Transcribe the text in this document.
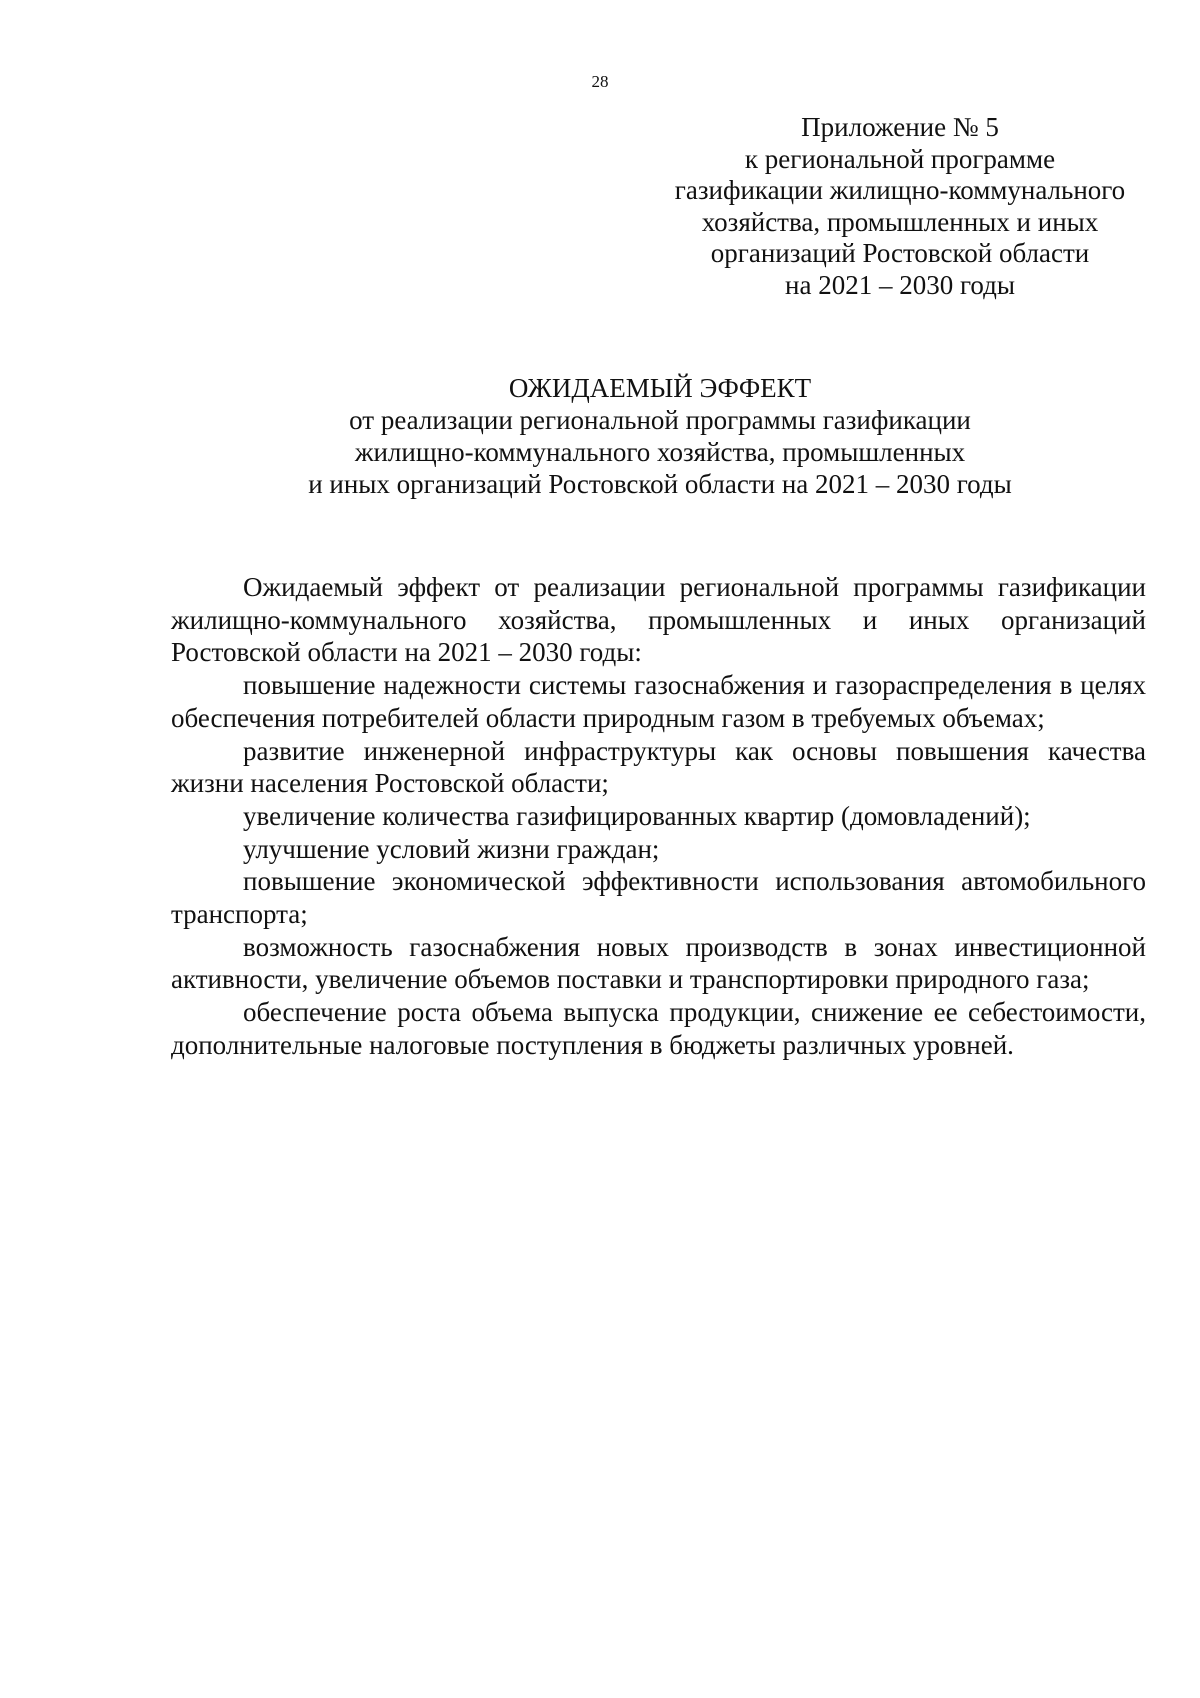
28
Приложение № 5
к региональной программе
газификации жилищно-коммунального
хозяйства, промышленных и иных
организаций Ростовской области
на 2021 – 2030 годы
ОЖИДАЕМЫЙ ЭФФЕКТ
от реализации региональной программы газификации
жилищно-коммунального хозяйства, промышленных
и иных организаций Ростовской области на 2021 – 2030 годы

Ожидаемый эффект от реализации региональной программы газификации жилищно-коммунального хозяйства, промышленных и иных организаций Ростовской области на 2021 – 2030 годы:

повышение надежности системы газоснабжения и газораспределения в целях обеспечения потребителей области природным газом в требуемых объемах;

развитие инженерной инфраструктуры как основы повышения качества жизни населения Ростовской области;

увеличение количества газифицированных квартир (домовладений);

улучшение условий жизни граждан;

повышение экономической эффективности использования автомобильного транспорта;

возможность газоснабжения новых производств в зонах инвестиционной активности, увеличение объемов поставки и транспортировки природного газа;

обеспечение роста объема выпуска продукции, снижение ее себестоимости, дополнительные налоговые поступления в бюджеты различных уровней.
